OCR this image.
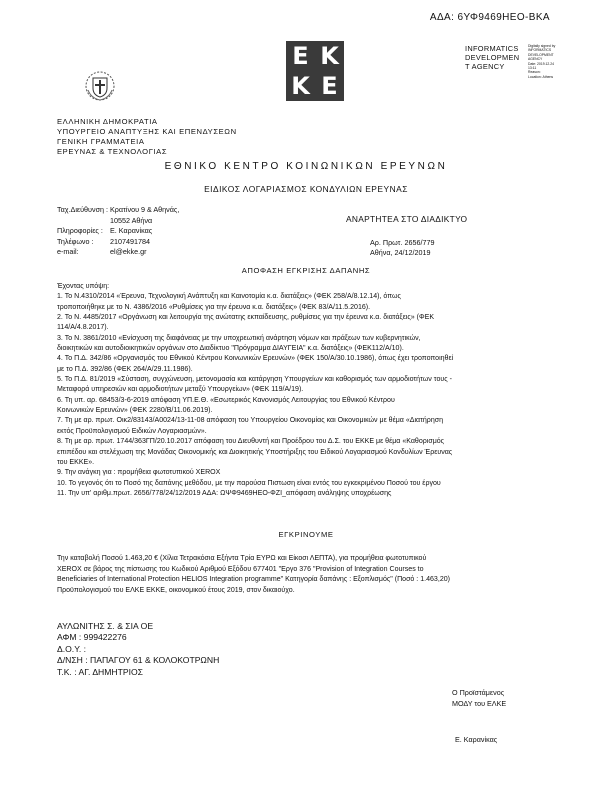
ΑΔΑ: 6ΥΦ9469ΗΕΟ-ΒΚΑ
Ε Κ
Κ Ε
INFORMATICS
DEVELOPMEN
T AGENCY
Digitally signed by
INFORMATICS
DEVELOPMENT AGENCY
Date: 2019.12.24
13:11
Reason:
Location: Athens
ΕΛΛΗΝΙΚΗ ΔΗΜΟΚΡΑΤΙΑ
ΥΠΟΥΡΓΕΙΟ ΑΝΑΠΤΥΞΗΣ ΚΑΙ ΕΠΕΝΔΥΣΕΩΝ
ΓΕΝΙΚΗ ΓΡΑΜΜΑΤΕΙΑ
ΕΡΕΥΝΑΣ & ΤΕΧΝΟΛΟΓΙΑΣ
ΕΘΝΙΚΟ ΚΕΝΤΡΟ ΚΟΙΝΩΝΙΚΩΝ ΕΡΕΥΝΩΝ
ΕΙΔΙΚΟΣ ΛΟΓΑΡΙΑΣΜΟΣ ΚΟΝΔΥΛΙΩΝ ΕΡΕΥΝΑΣ
Ταχ.Διεύθυνση : Κρατίνου 9 & Αθηνάς,
10552 Αθήνα
Πληροφορίες : Ε. Καρανίκας
Τηλέφωνο :	2107491784
e-mail:	el@ekke.gr
ΑΝΑΡΤΗΤΕΑ ΣΤΟ ΔΙΑΔΙΚΤΥΟ
Αρ. Πρωτ. 2656/779
Αθήνα, 24/12/2019
ΑΠΟΦΑΣΗ ΕΓΚΡΙΣΗΣ ΔΑΠΑΝΗΣ

Έχοντας υπόψη:

1. Το Ν.4310/2014 «Έρευνα, Τεχνολογική Ανάπτυξη και Καινοτομία κ.α. διατάξεις» (ΦΕΚ 258/Α/8.12.14), όπως

τροποποιήθηκε με το Ν. 4386/2016 «Ρυθμίσεις για την έρευνα κ.α. διατάξεις» (ΦΕΚ 83/Α/11.5.2016).

2. Το Ν. 4485/2017 «Οργάνωση και λειτουργία της ανώτατης εκπαίδευσης, ρυθμίσεις για την έρευνα κ.α. διατάξεις» (ΦΕΚ

114/Α/4.8.2017).

3. Το Ν. 3861/2010 «Ενίσχυση της διαφάνειας με την υποχρεωτική ανάρτηση νόμων και πράξεων των κυβερνητικών,

διοικητικών και αυτοδιοικητικών οργάνων στο Διαδίκτυο "Πρόγραμμα ΔΙΑΥΓΕΙΑ" κ.α. διατάξεις» (ΦΕΚ112/Α/10).

4. Το Π.Δ. 342/86 «Οργανισμός του Εθνικού Κέντρου Κοινωνικών Ερευνών» (ΦΕΚ 150/Α/30.10.1986), όπως έχει τροποποιηθεί

με το Π.Δ. 392/86 (ΦΕΚ 264/Α/29.11.1986).

5. Το Π.Δ. 81/2019 «Σύσταση, συγχώνευση, μετονομασία και κατάργηση Υπουργείων και καθορισμός των αρμοδιοτήτων τους -

Μεταφορά υπηρεσιών και αρμοδιοτήτων μεταξύ Υπουργείων» (ΦΕΚ 119/Α/19).

6. Τη υπ. αρ. 68453/3-6-2019 απόφαση ΥΠ.Ε.Θ. «Εσωτερικός Κανονισμός Λειτουργίας του Εθνικού Κέντρου

Κοινωνικών Ερευνών» (ΦΕΚ 2280/Β/11.06.2019).

7. Τη με αρ. πρωτ. Οικ2/83143/Α0024/13-11-08 απόφαση του Υπουργείου Οικονομίας και Οικονομικών με θέμα «Διατήρηση

εκτός Προϋπολογισμού Ειδικών Λογαριασμών».

8. Τη με αρ. πρωτ. 1744/363ΓΠ/20.10.2017 απόφαση του Διευθυντή και Προέδρου του Δ.Σ. του ΕΚΚΕ με θέμα «Καθορισμός

επιπέδου και στελέχωση της Μονάδας Οικονομικής και Διοικητικής Υποστήριξης του Ειδικού Λογαριασμού Κονδυλίων Έρευνας

του ΕΚΚΕ».

9. Την ανάγκη για : προμήθεια φωτοτυπικού XEROX

10. Το γεγονός ότι το Ποσό της δαπάνης μεθόδου, με την παρούσα Πιστωση είναι εντός του εγκεκριμένου Ποσού του έργου

11. Την υπ' αριθμ.πρωτ. 2656/778/24/12/2019 ΑΔΑ: ΩΨΦ9469ΗΕΟ-ΦΖΙ_απόφαση ανάληψης υποχρέωσης

ΕΓΚΡΙΝΟΥΜΕ

Την καταβολή Ποσού 1.463,20 € (Χίλια Τετρακόσια Εξήντα Τρία ΕΥΡΩ και Είκοσι ΛΕΠΤΑ), για προμήθεια φωτοτυπικού

XEROX σε βάρος της πίστωσης του Κωδικού Αριθμού Εξόδου 677401 "Εργο 376 "Provision of Integration Courses to

Beneficiaries of International Protection HELIOS Integration programme" Κατηγορία δαπάνης : Εξοπλισμός" (Ποσό : 1.463,20)

Προϋπολογισμού του ΕΛΚΕ ΕΚΚΕ, οικονομικού έτους 2019, στον δικαιούχο.

ΑΥΛΩΝΙΤΗΣ Σ. & ΣΙΑ ΟΕ
ΑΦΜ : 999422276
Δ.Ο.Υ. :
Δ/ΝΣΗ : ΠΑΠΑΓΟΥ 61 & ΚΟΛΟΚΟΤΡΩΝΗ
Τ.Κ. : ΑΓ. ΔΗΜΗΤΡΙΟΣ
Ο Προϊστάμενος
ΜΟΔΥ του ΕΛΚΕ
Ε. Καρανίκας
